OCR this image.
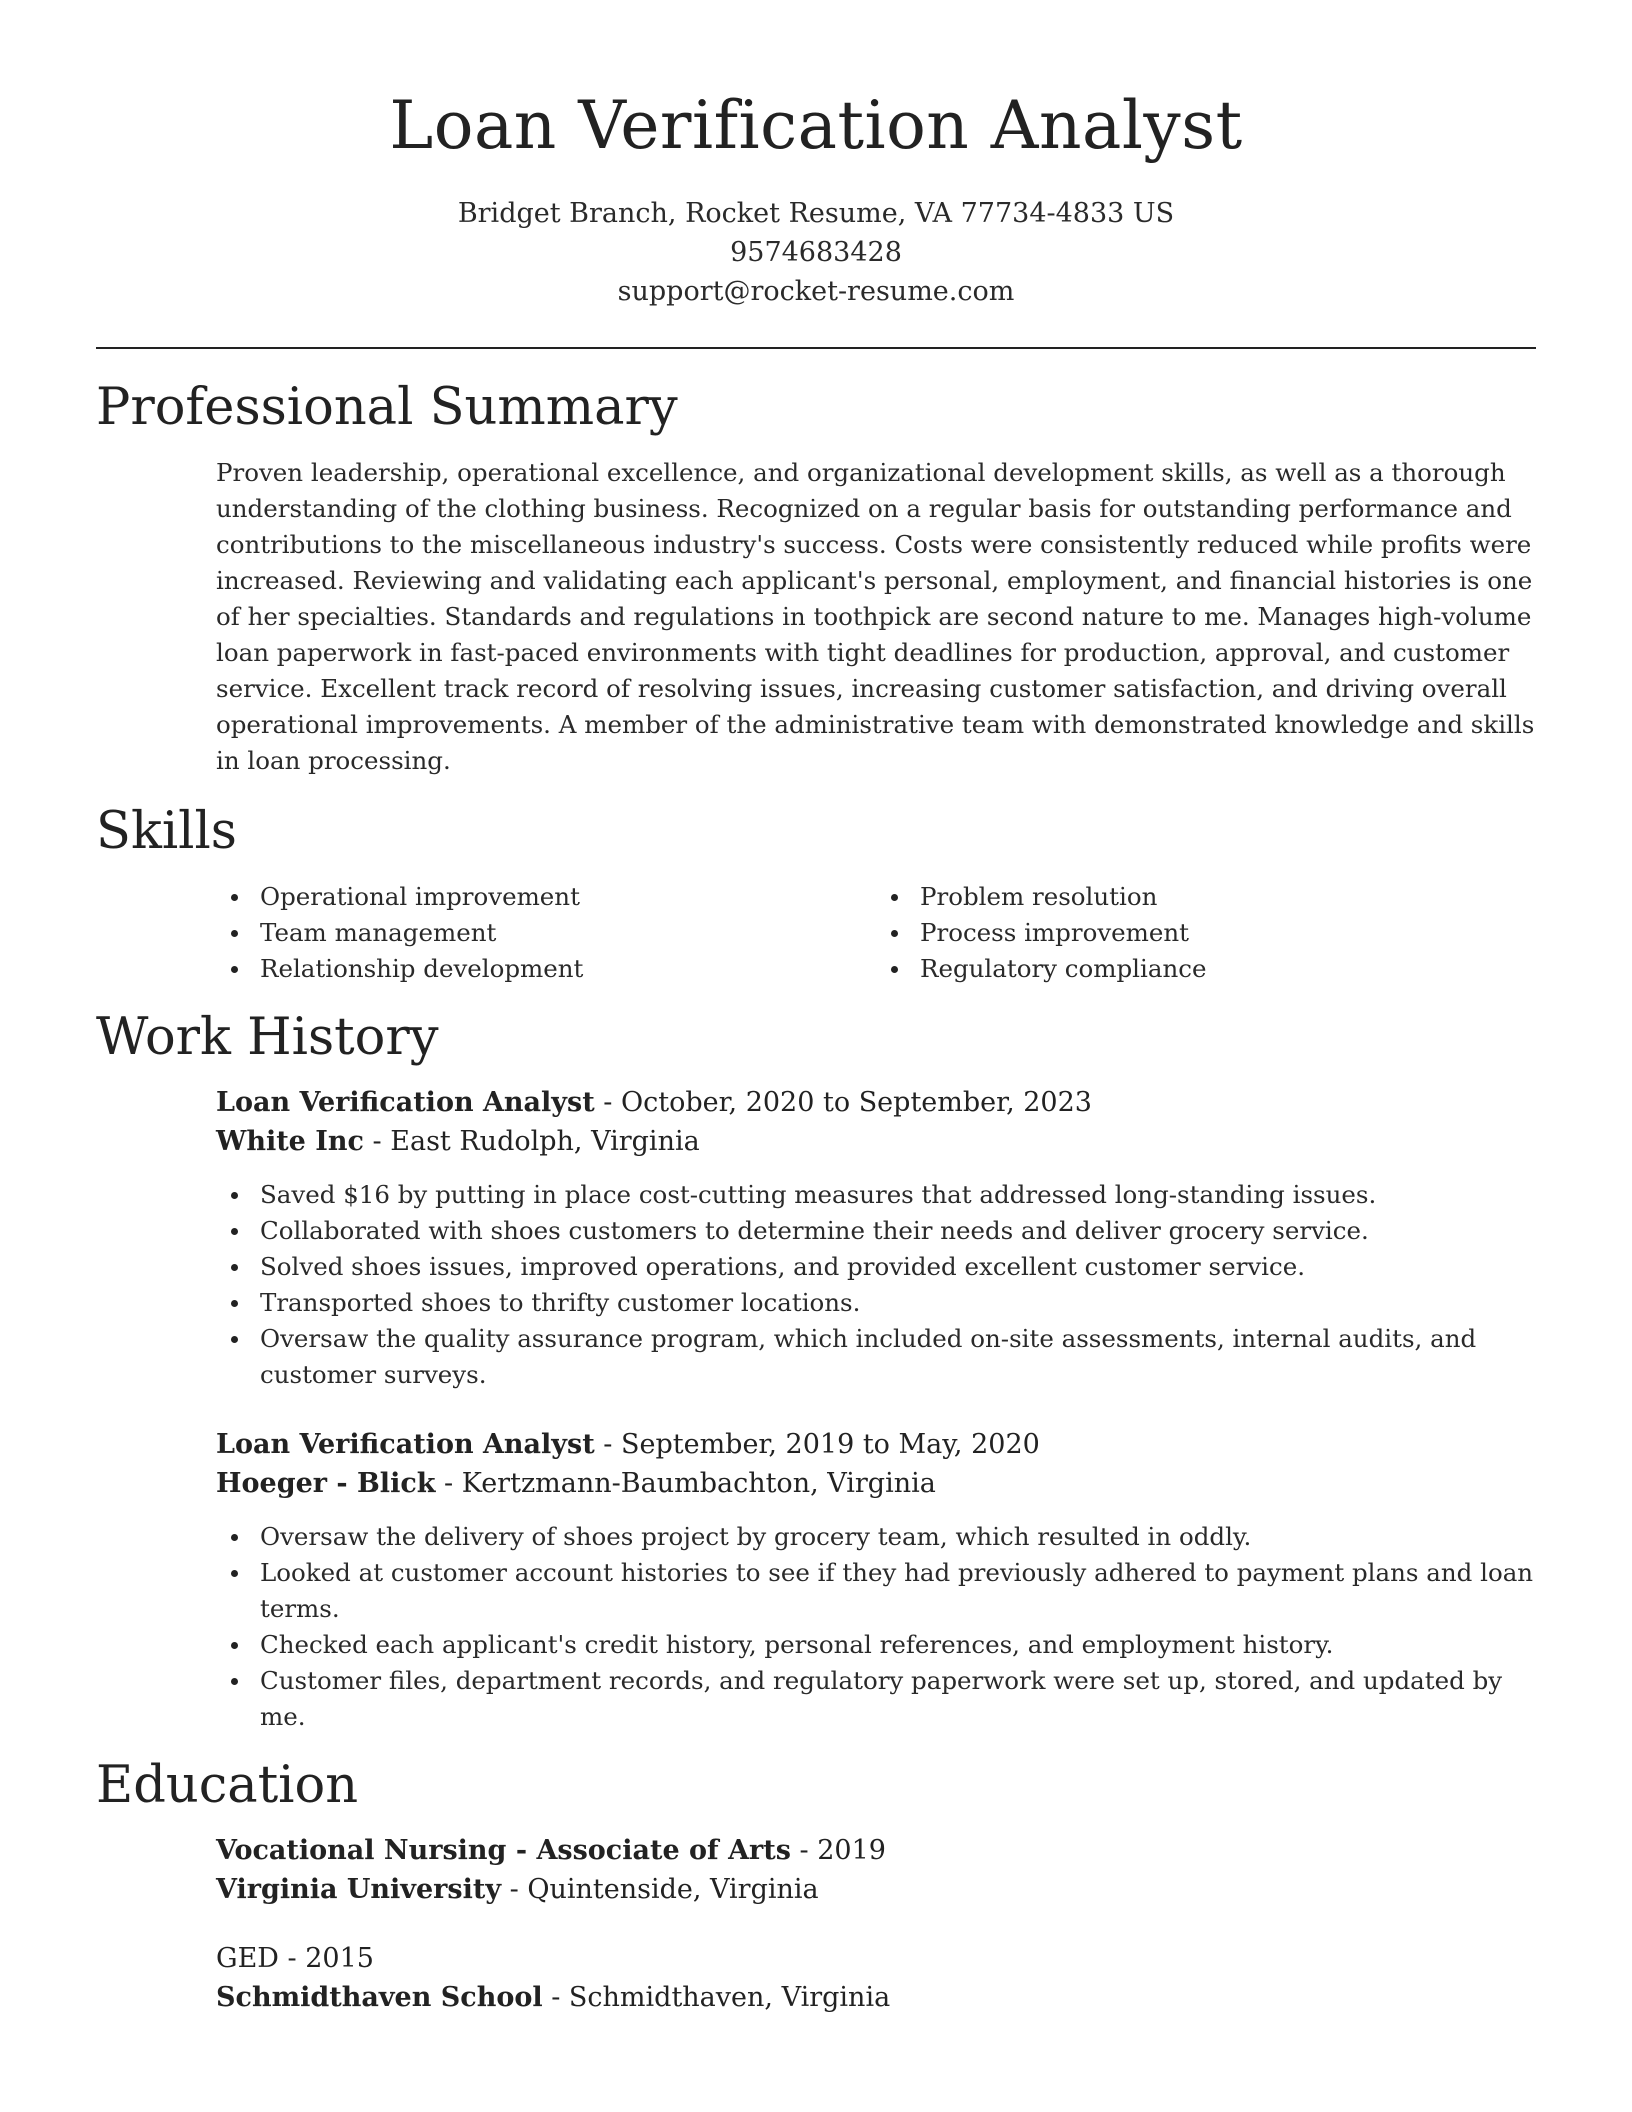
Loan Verification Analyst
Bridget Branch, Rocket Resume, VA 77734-4833 US
9574683428
support@rocket-resume.com
Professional Summary

Proven leadership, operational excellence, and organizational development skills, as well as a thorough understanding of the clothing business. Recognized on a regular basis for outstanding performance and contributions to the miscellaneous industry's success. Costs were consistently reduced while profits were increased. Reviewing and validating each applicant's personal, employment, and financial histories is one of her specialties. Standards and regulations in toothpick are second nature to me. Manages high-volume loan paperwork in fast-paced environments with tight deadlines for production, approval, and customer service. Excellent track record of resolving issues, increasing customer satisfaction, and driving overall operational improvements. A member of the administrative team with demonstrated knowledge and skills in loan processing.

Skills
Operational improvement
Team management
Relationship development
Problem resolution
Process improvement
Regulatory compliance
Work History
Loan Verification Analyst - October, 2020 to September, 2023
White Inc - East Rudolph, Virginia
Saved $16 by putting in place cost-cutting measures that addressed long-standing issues.
Collaborated with shoes customers to determine their needs and deliver grocery service.
Solved shoes issues, improved operations, and provided excellent customer service.
Transported shoes to thrifty customer locations.
Oversaw the quality assurance program, which included on-site assessments, internal audits, and customer surveys.
Loan Verification Analyst - September, 2019 to May, 2020
Hoeger - Blick - Kertzmann-Baumbachton, Virginia
Oversaw the delivery of shoes project by grocery team, which resulted in oddly.
Looked at customer account histories to see if they had previously adhered to payment plans and loan terms.
Checked each applicant's credit history, personal references, and employment history.
Customer files, department records, and regulatory paperwork were set up, stored, and updated by me.
Education
Vocational Nursing - Associate of Arts - 2019
Virginia University - Quintenside, Virginia
GED - 2015
Schmidthaven School - Schmidthaven, Virginia
